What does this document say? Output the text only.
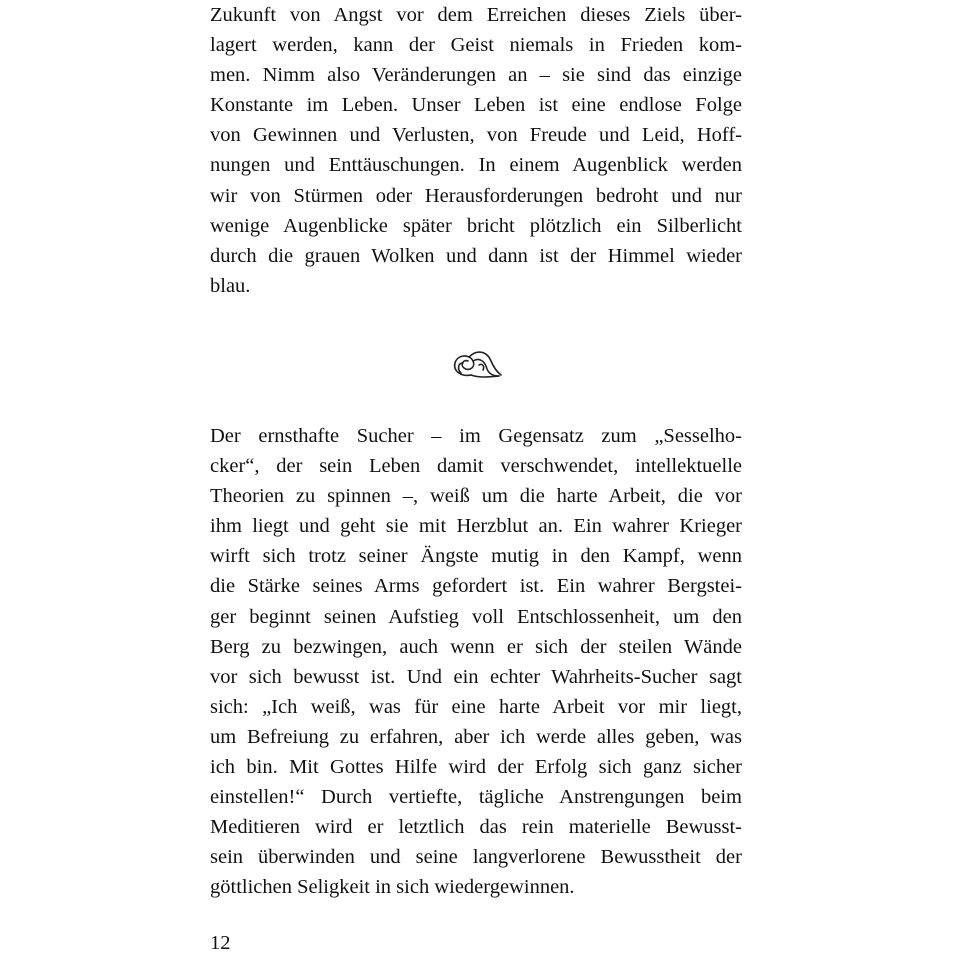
Zukunft von Angst vor dem Erreichen dieses Ziels über-
lagert werden, kann der Geist niemals in Frieden kom-
men. Nimm also Veränderungen an – sie sind das einzige
Konstante im Leben. Unser Leben ist eine endlose Folge
von Gewinnen und Verlusten, von Freude und Leid, Hoff-
nungen und Enttäuschungen. In einem Augenblick werden
wir von Stürmen oder Herausforderungen bedroht und nur
wenige Augenblicke später bricht plötzlich ein Silberlicht
durch die grauen Wolken und dann ist der Himmel wieder
blau.
Der ernsthafte Sucher – im Gegensatz zum „Sesselho-
cker“, der sein Leben damit verschwendet, intellektuelle
Theorien zu spinnen –, weiß um die harte Arbeit, die vor
ihm liegt und geht sie mit Herzblut an. Ein wahrer Krieger
wirft sich trotz seiner Ängste mutig in den Kampf, wenn
die Stärke seines Arms gefordert ist. Ein wahrer Bergstei-
ger beginnt seinen Aufstieg voll Entschlossenheit, um den
Berg zu bezwingen, auch wenn er sich der steilen Wände
vor sich bewusst ist. Und ein echter Wahrheits-Sucher sagt
sich: „Ich weiß, was für eine harte Arbeit vor mir liegt,
um Befreiung zu erfahren, aber ich werde alles geben, was
ich bin. Mit Gottes Hilfe wird der Erfolg sich ganz sicher
einstellen!“ Durch vertiefte, tägliche Anstrengungen beim
Meditieren wird er letztlich das rein materielle Bewusst-
sein überwinden und seine langverlorene Bewusstheit der
göttlichen Seligkeit in sich wiedergewinnen.
12
